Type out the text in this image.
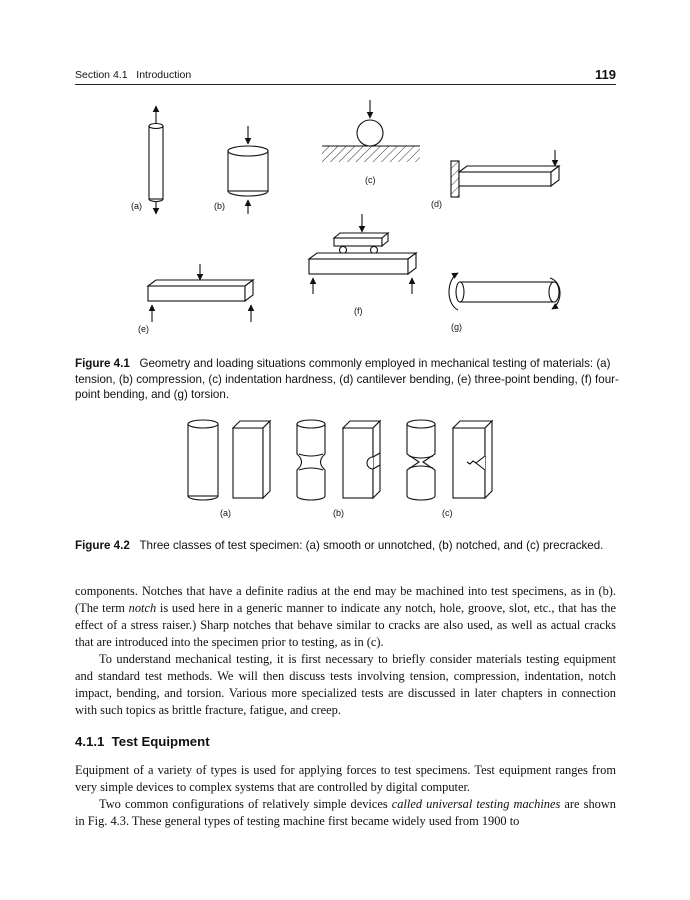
Section 4.1   Introduction	119
(a)	(b)
(c)
(d)
(e)
(f)
(g)
Figure 4.1 Geometry and loading situations commonly employed in mechanical testing of materials: (a) tension, (b) compression, (c) indentation hardness, (d) cantilever bending, (e) three-point bending, (f) four-point bending, and (g) torsion.
(a)	(b)	(c)
Figure 4.2 Three classes of test specimen: (a) smooth or unnotched, (b) notched, and (c) precracked.

components. Notches that have a definite radius at the end may be machined into test specimens, as in (b). (The term notch is used here in a generic manner to indicate any notch, hole, groove, slot, etc., that has the effect of a stress raiser.) Sharp notches that behave similar to cracks are also used, as well as actual cracks that are introduced into the specimen prior to testing, as in (c).

To understand mechanical testing, it is first necessary to briefly consider materials testing equipment and standard test methods. We will then discuss tests involving tension, compression, indentation, notch impact, bending, and torsion. Various more specialized tests are discussed in later chapters in connection with such topics as brittle fracture, fatigue, and creep.

4.1.1  Test Equipment

Equipment of a variety of types is used for applying forces to test specimens. Test equipment ranges from very simple devices to complex systems that are controlled by digital computer.

Two common configurations of relatively simple devices called universal testing machines are shown in Fig. 4.3. These general types of testing machine first became widely used from 1900 to
